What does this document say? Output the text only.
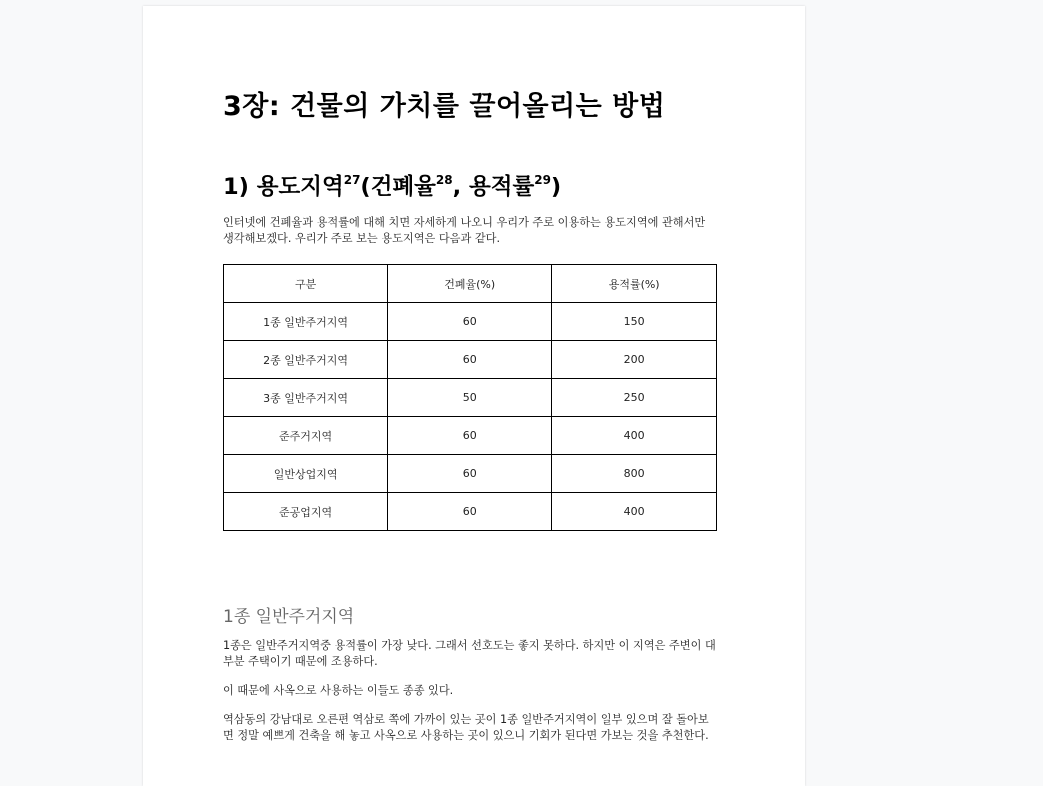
3장: 건물의 가치를 끌어올리는 방법
1) 용도지역$^{27}$(건폐율$^{28}$, 용적률$^{29}$)

인터넷에 건폐율과 용적률에 대해 치면 자세하게 나오니 우리가 주로 이용하는 용도지역에 관해서만 생각해보겠다. 우리가 주로 보는 용도지역은 다음과 같다.

구분	건폐율(%)	용적률(%)
1종 일반주거지역	60	150
2종 일반주거지역	60	200
3종 일반주거지역	50	250
준주거지역	60	400
일반상업지역	60	800
준공업지역	60	400
1종 일반주거지역

1종은 일반주거지역중 용적률이 가장 낮다. 그래서 선호도는 좋지 못하다. 하지만 이 지역은 주변이 대부분 주택이기 때문에 조용하다.

이 때문에 사옥으로 사용하는 이들도 종종 있다.

역삼동의 강남대로 오른편 역삼로 쪽에 가까이 있는 곳이 1종 일반주거지역이 일부 있으며 잘 돌아보면 정말 예쁘게 건축을 해 놓고 사옥으로 사용하는 곳이 있으니 기회가 된다면 가보는 것을 추천한다.
